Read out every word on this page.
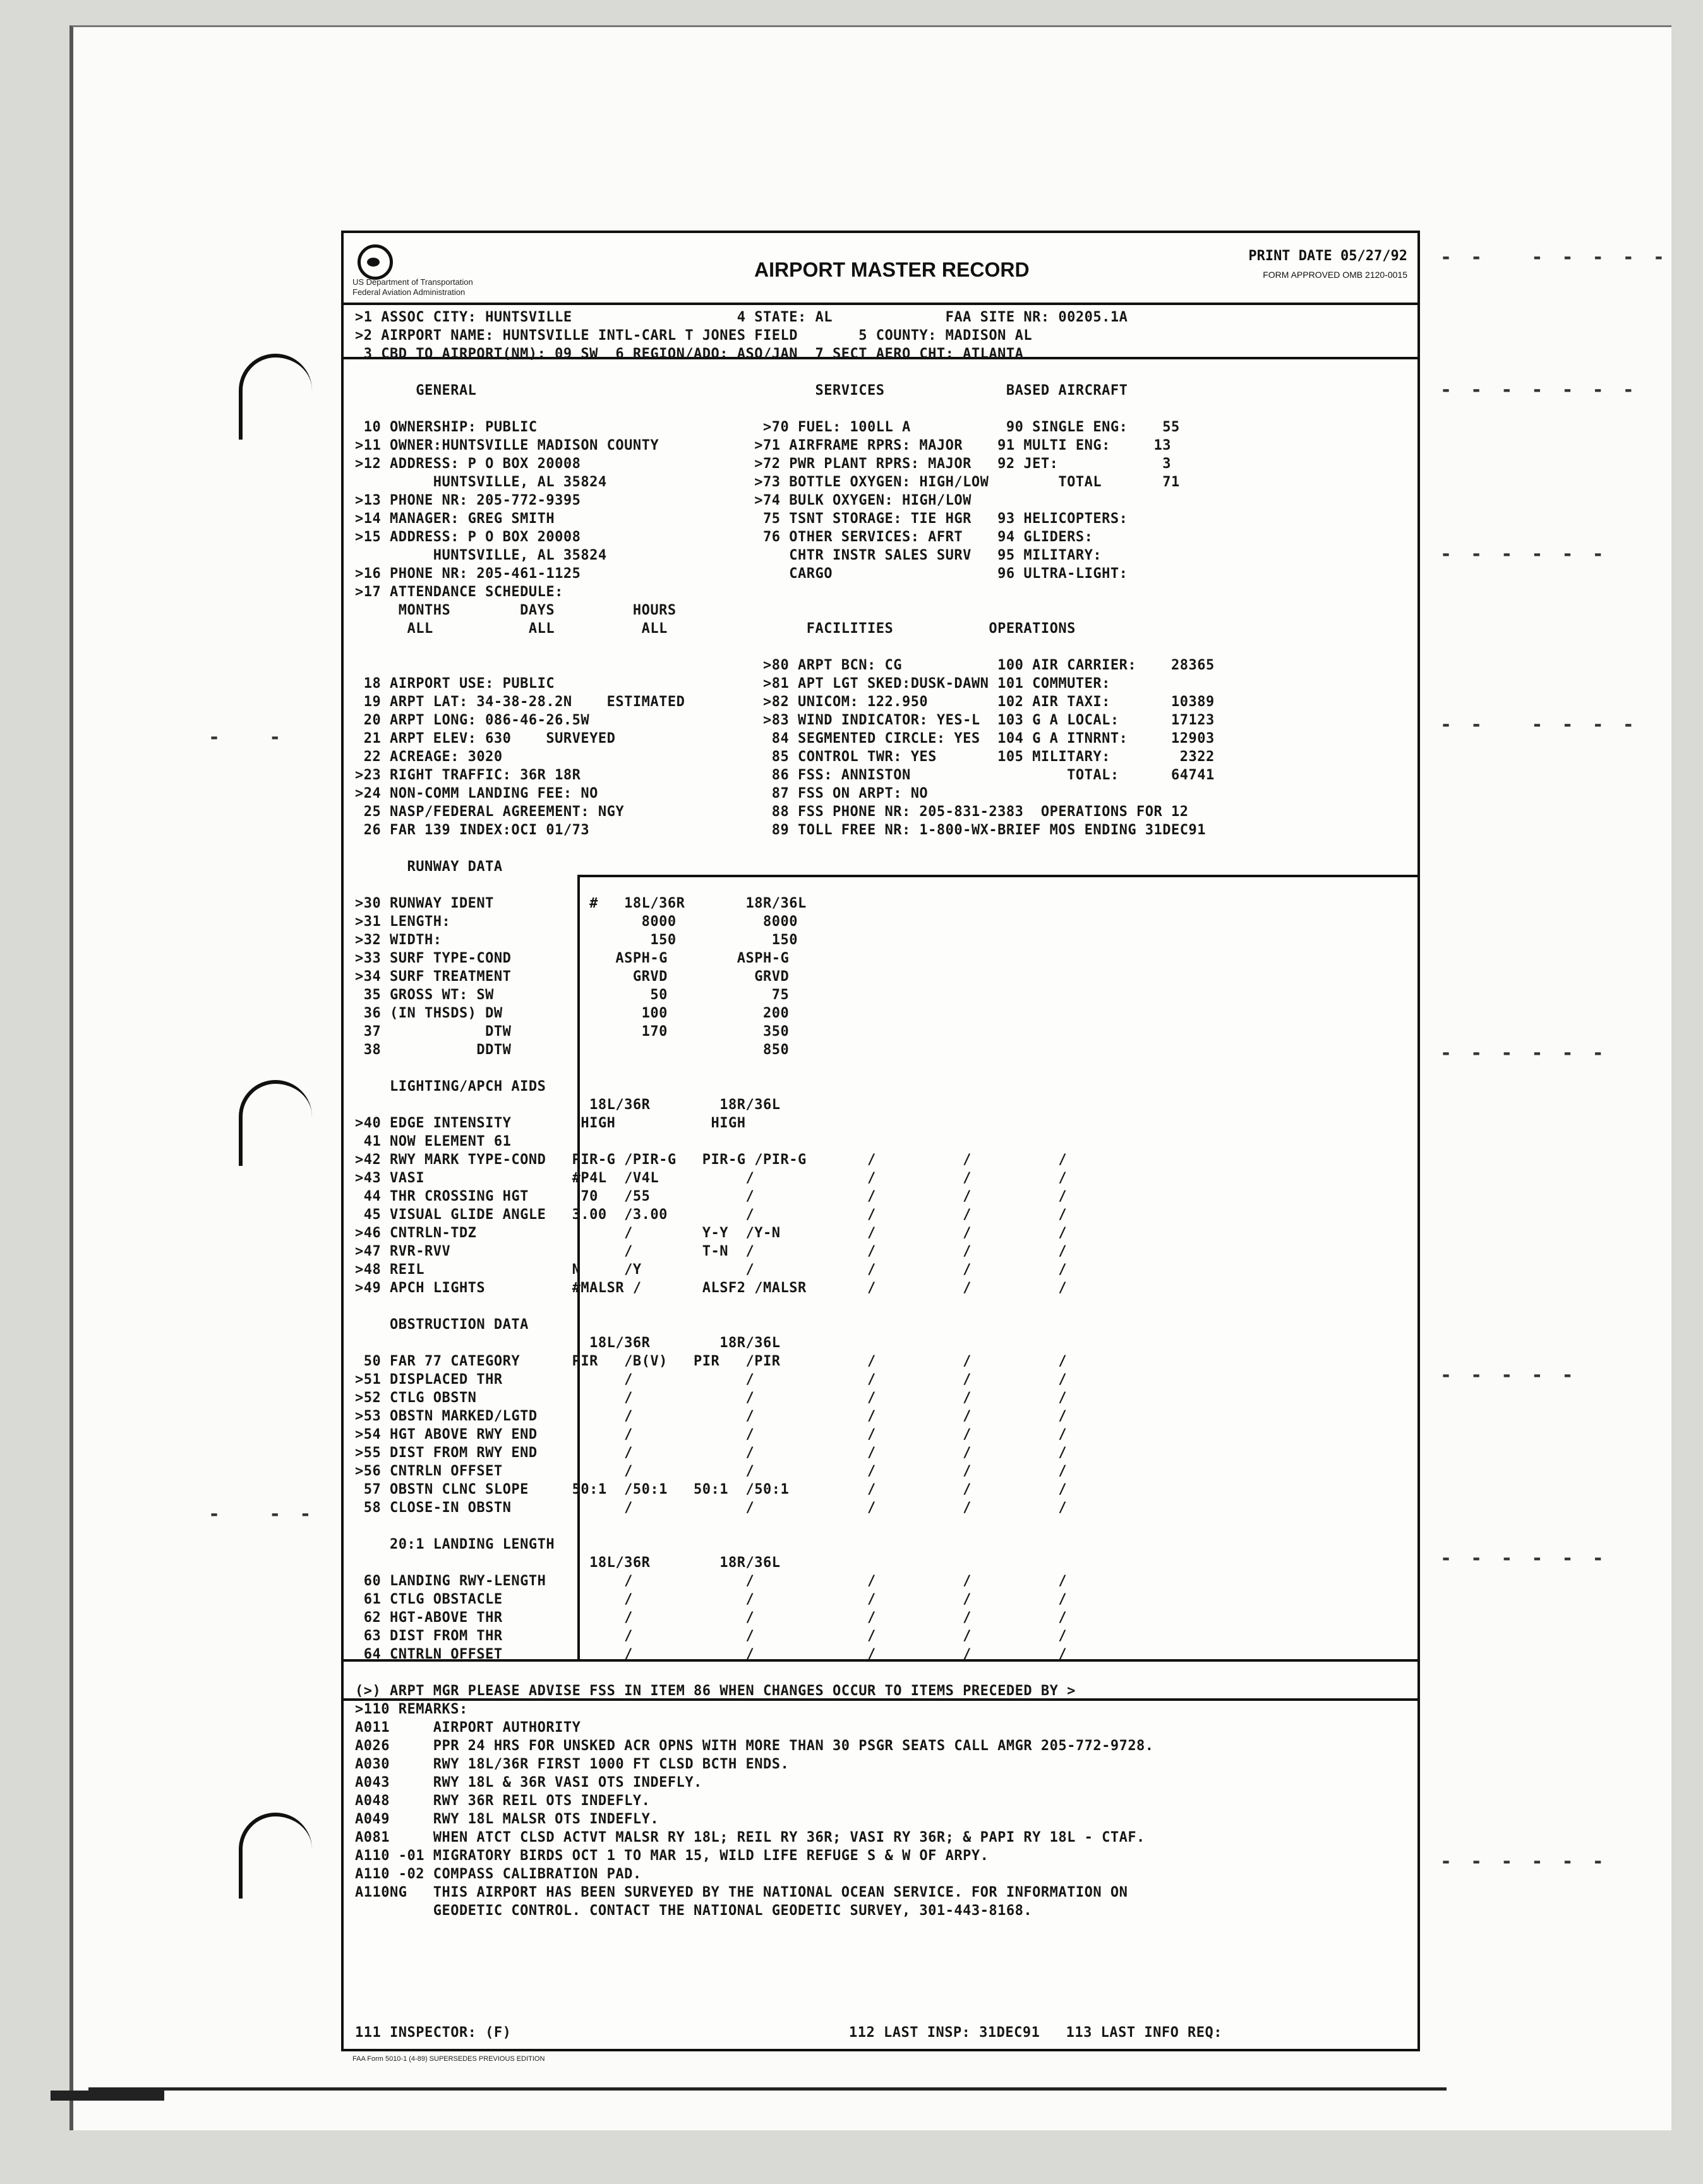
- -   - - - - -
- - - - - - -
- - - - - -
- -   - - - -
- - - - - -
- - - - -
- - - - - -
- - - - - -
-   -
-   - -
US Department of Transportation
Federal Aviation Administration
AIRPORT MASTER RECORD
PRINT DATE 05/27/92
FORM APPROVED OMB 2120-0015
>1 ASSOC CITY: HUNTSVILLE                   4 STATE: AL             FAA SITE NR: 00205.1A
>2 AIRPORT NAME: HUNTSVILLE INTL-CARL T JONES FIELD       5 COUNTY: MADISON AL
3 CBD TO AIRPORT(NM): 09 SW  6 REGION/ADO: ASO/JAN  7 SECT AERO CHT: ATLANTA
GENERAL                                       SERVICES              BASED AIRCRAFT
10 OWNERSHIP: PUBLIC                          >70 FUEL: 100LL A           90 SINGLE ENG:    55
>11 OWNER:HUNTSVILLE MADISON COUNTY           >71 AIRFRAME RPRS: MAJOR    91 MULTI ENG:     13
>12 ADDRESS: P O BOX 20008                    >72 PWR PLANT RPRS: MAJOR   92 JET:            3
HUNTSVILLE, AL 35824                 >73 BOTTLE OXYGEN: HIGH/LOW        TOTAL       71
>13 PHONE NR: 205-772-9395                    >74 BULK OXYGEN: HIGH/LOW
>14 MANAGER: GREG SMITH                        75 TSNT STORAGE: TIE HGR   93 HELICOPTERS:
>15 ADDRESS: P O BOX 20008                     76 OTHER SERVICES: AFRT    94 GLIDERS:
HUNTSVILLE, AL 35824                     CHTR INSTR SALES SURV   95 MILITARY:
>16 PHONE NR: 205-461-1125                        CARGO                   96 ULTRA-LIGHT:
>17 ATTENDANCE SCHEDULE:
MONTHS        DAYS         HOURS
ALL           ALL          ALL                FACILITIES           OPERATIONS
>80 ARPT BCN: CG           100 AIR CARRIER:    28365
18 AIRPORT USE: PUBLIC                        >81 APT LGT SKED:DUSK-DAWN 101 COMMUTER:
19 ARPT LAT: 34-38-28.2N    ESTIMATED         >82 UNICOM: 122.950        102 AIR TAXI:       10389
20 ARPT LONG: 086-46-26.5W                    >83 WIND INDICATOR: YES-L  103 G A LOCAL:      17123
21 ARPT ELEV: 630    SURVEYED                  84 SEGMENTED CIRCLE: YES  104 G A ITNRNT:     12903
22 ACREAGE: 3020                               85 CONTROL TWR: YES       105 MILITARY:        2322
>23 RIGHT TRAFFIC: 36R 18R                      86 FSS: ANNISTON                  TOTAL:      64741
>24 NON-COMM LANDING FEE: NO                    87 FSS ON ARPT: NO
25 NASP/FEDERAL AGREEMENT: NGY                 88 FSS PHONE NR: 205-831-2383  OPERATIONS FOR 12
26 FAR 139 INDEX:OCI 01/73                     89 TOLL FREE NR: 1-800-WX-BRIEF MOS ENDING 31DEC91
RUNWAY DATA
>30 RUNWAY IDENT           #   18L/36R       18R/36L
>31 LENGTH:                      8000          8000
>32 WIDTH:                        150           150
>33 SURF TYPE-COND            ASPH-G        ASPH-G
>34 SURF TREATMENT              GRVD          GRVD
35 GROSS WT: SW                  50            75
36 (IN THSDS) DW                100           200
37            DTW               170           350
38           DDTW                             850
LIGHTING/APCH AIDS
18L/36R        18R/36L
>40 EDGE INTENSITY        HIGH           HIGH
41 NOW ELEMENT 61
>42 RWY MARK TYPE-COND   PIR-G /PIR-G   PIR-G /PIR-G       /          /          /
>43 VASI                 #P4L  /V4L          /             /          /          /
44 THR CROSSING HGT      70   /55           /             /          /          /
45 VISUAL GLIDE ANGLE   3.00  /3.00         /             /          /          /
>46 CNTRLN-TDZ                 /        Y-Y  /Y-N          /          /          /
>47 RVR-RVV                    /        T-N  /             /          /          /
>48 REIL                 N     /Y            /             /          /          /
>49 APCH LIGHTS          #MALSR /       ALSF2 /MALSR       /          /          /
OBSTRUCTION DATA
18L/36R        18R/36L
50 FAR 77 CATEGORY      PIR   /B(V)   PIR   /PIR          /          /          /
>51 DISPLACED THR              /             /             /          /          /
>52 CTLG OBSTN                 /             /             /          /          /
>53 OBSTN MARKED/LGTD          /             /             /          /          /
>54 HGT ABOVE RWY END          /             /             /          /          /
>55 DIST FROM RWY END          /             /             /          /          /
>56 CNTRLN OFFSET              /             /             /          /          /
57 OBSTN CLNC SLOPE     50:1  /50:1   50:1  /50:1         /          /          /
58 CLOSE-IN OBSTN             /             /             /          /          /
20:1 LANDING LENGTH
18L/36R        18R/36L
60 LANDING RWY-LENGTH         /             /             /          /          /
61 CTLG OBSTACLE              /             /             /          /          /
62 HGT-ABOVE THR              /             /             /          /          /
63 DIST FROM THR              /             /             /          /          /
64 CNTRLN OFFSET              /             /             /          /          /
(>) ARPT MGR PLEASE ADVISE FSS IN ITEM 86 WHEN CHANGES OCCUR TO ITEMS PRECEDED BY >
>110 REMARKS:
A011     AIRPORT AUTHORITY
A026     PPR 24 HRS FOR UNSKED ACR OPNS WITH MORE THAN 30 PSGR SEATS CALL AMGR 205-772-9728.
A030     RWY 18L/36R FIRST 1000 FT CLSD BCTH ENDS.
A043     RWY 18L & 36R VASI OTS INDEFLY.
A048     RWY 36R REIL OTS INDEFLY.
A049     RWY 18L MALSR OTS INDEFLY.
A081     WHEN ATCT CLSD ACTVT MALSR RY 18L; REIL RY 36R; VASI RY 36R; & PAPI RY 18L - CTAF.
A110 -01 MIGRATORY BIRDS OCT 1 TO MAR 15, WILD LIFE REFUGE S & W OF ARPY.
A110 -02 COMPASS CALIBRATION PAD.
A110NG   THIS AIRPORT HAS BEEN SURVEYED BY THE NATIONAL OCEAN SERVICE. FOR INFORMATION ON
GEODETIC CONTROL. CONTACT THE NATIONAL GEODETIC SURVEY, 301-443-8168.
111 INSPECTOR: (F)	112 LAST INSP: 31DEC91   113 LAST INFO REQ:
FAA Form 5010-1 (4-89) SUPERSEDES PREVIOUS EDITION
